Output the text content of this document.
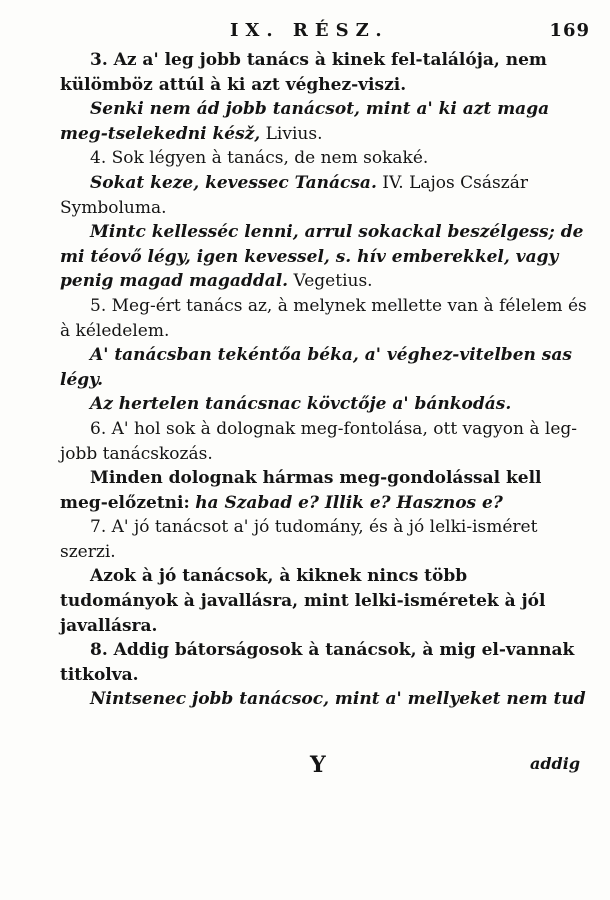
IX. RÉSZ.	169

3. Az a' leg jobb tanács à kinek fel-találója, nem külömböz attúl à ki azt véghez-viszi.

Senki nem ád jobb tanácsot, mint a' ki azt maga meg-tselekedni késž, Livius.

4. Sok légyen à tanács, de nem sokaké.

Sokat keze, kevessec Tanácsa. IV. Lajos Császár Symboluma.

Mintc kellesséc lenni, arrul sokackal beszélgess; de mi téovő légy, igen kevessel, s. hív emberekkel, vagy penig magad magaddal. Vegetius.

5. Meg-ért tanács az, à melynek mellette van à félelem és à kéledelem.

A' tanácsban tekéntőa béka, a' véghez-vitelben sas légy.

Az hertelen tanácsnac kövctője a' bánkodás.

6. A' hol sok à dolognak meg-fontolása, ott vagyon à leg-jobb tanácskozás.

Minden dolognak hármas meg-gondolással kell meg-előzetni: ha Szabad e? Illik e? Hasznos e?

7. A' jó tanácsot a' jó tudomány, és à jó lelki-isméret szerzi.

Azok à jó tanácsok, à kiknek nincs több tudományok à javallásra, mint lelki-isméretek à jól javallásra.

8. Addig bátorságosok à tanácsok, à mig el-vannak titkolva.

Nintsenec jobb tanácsoc, mint a' mellyeket nem tud

Y	addig
